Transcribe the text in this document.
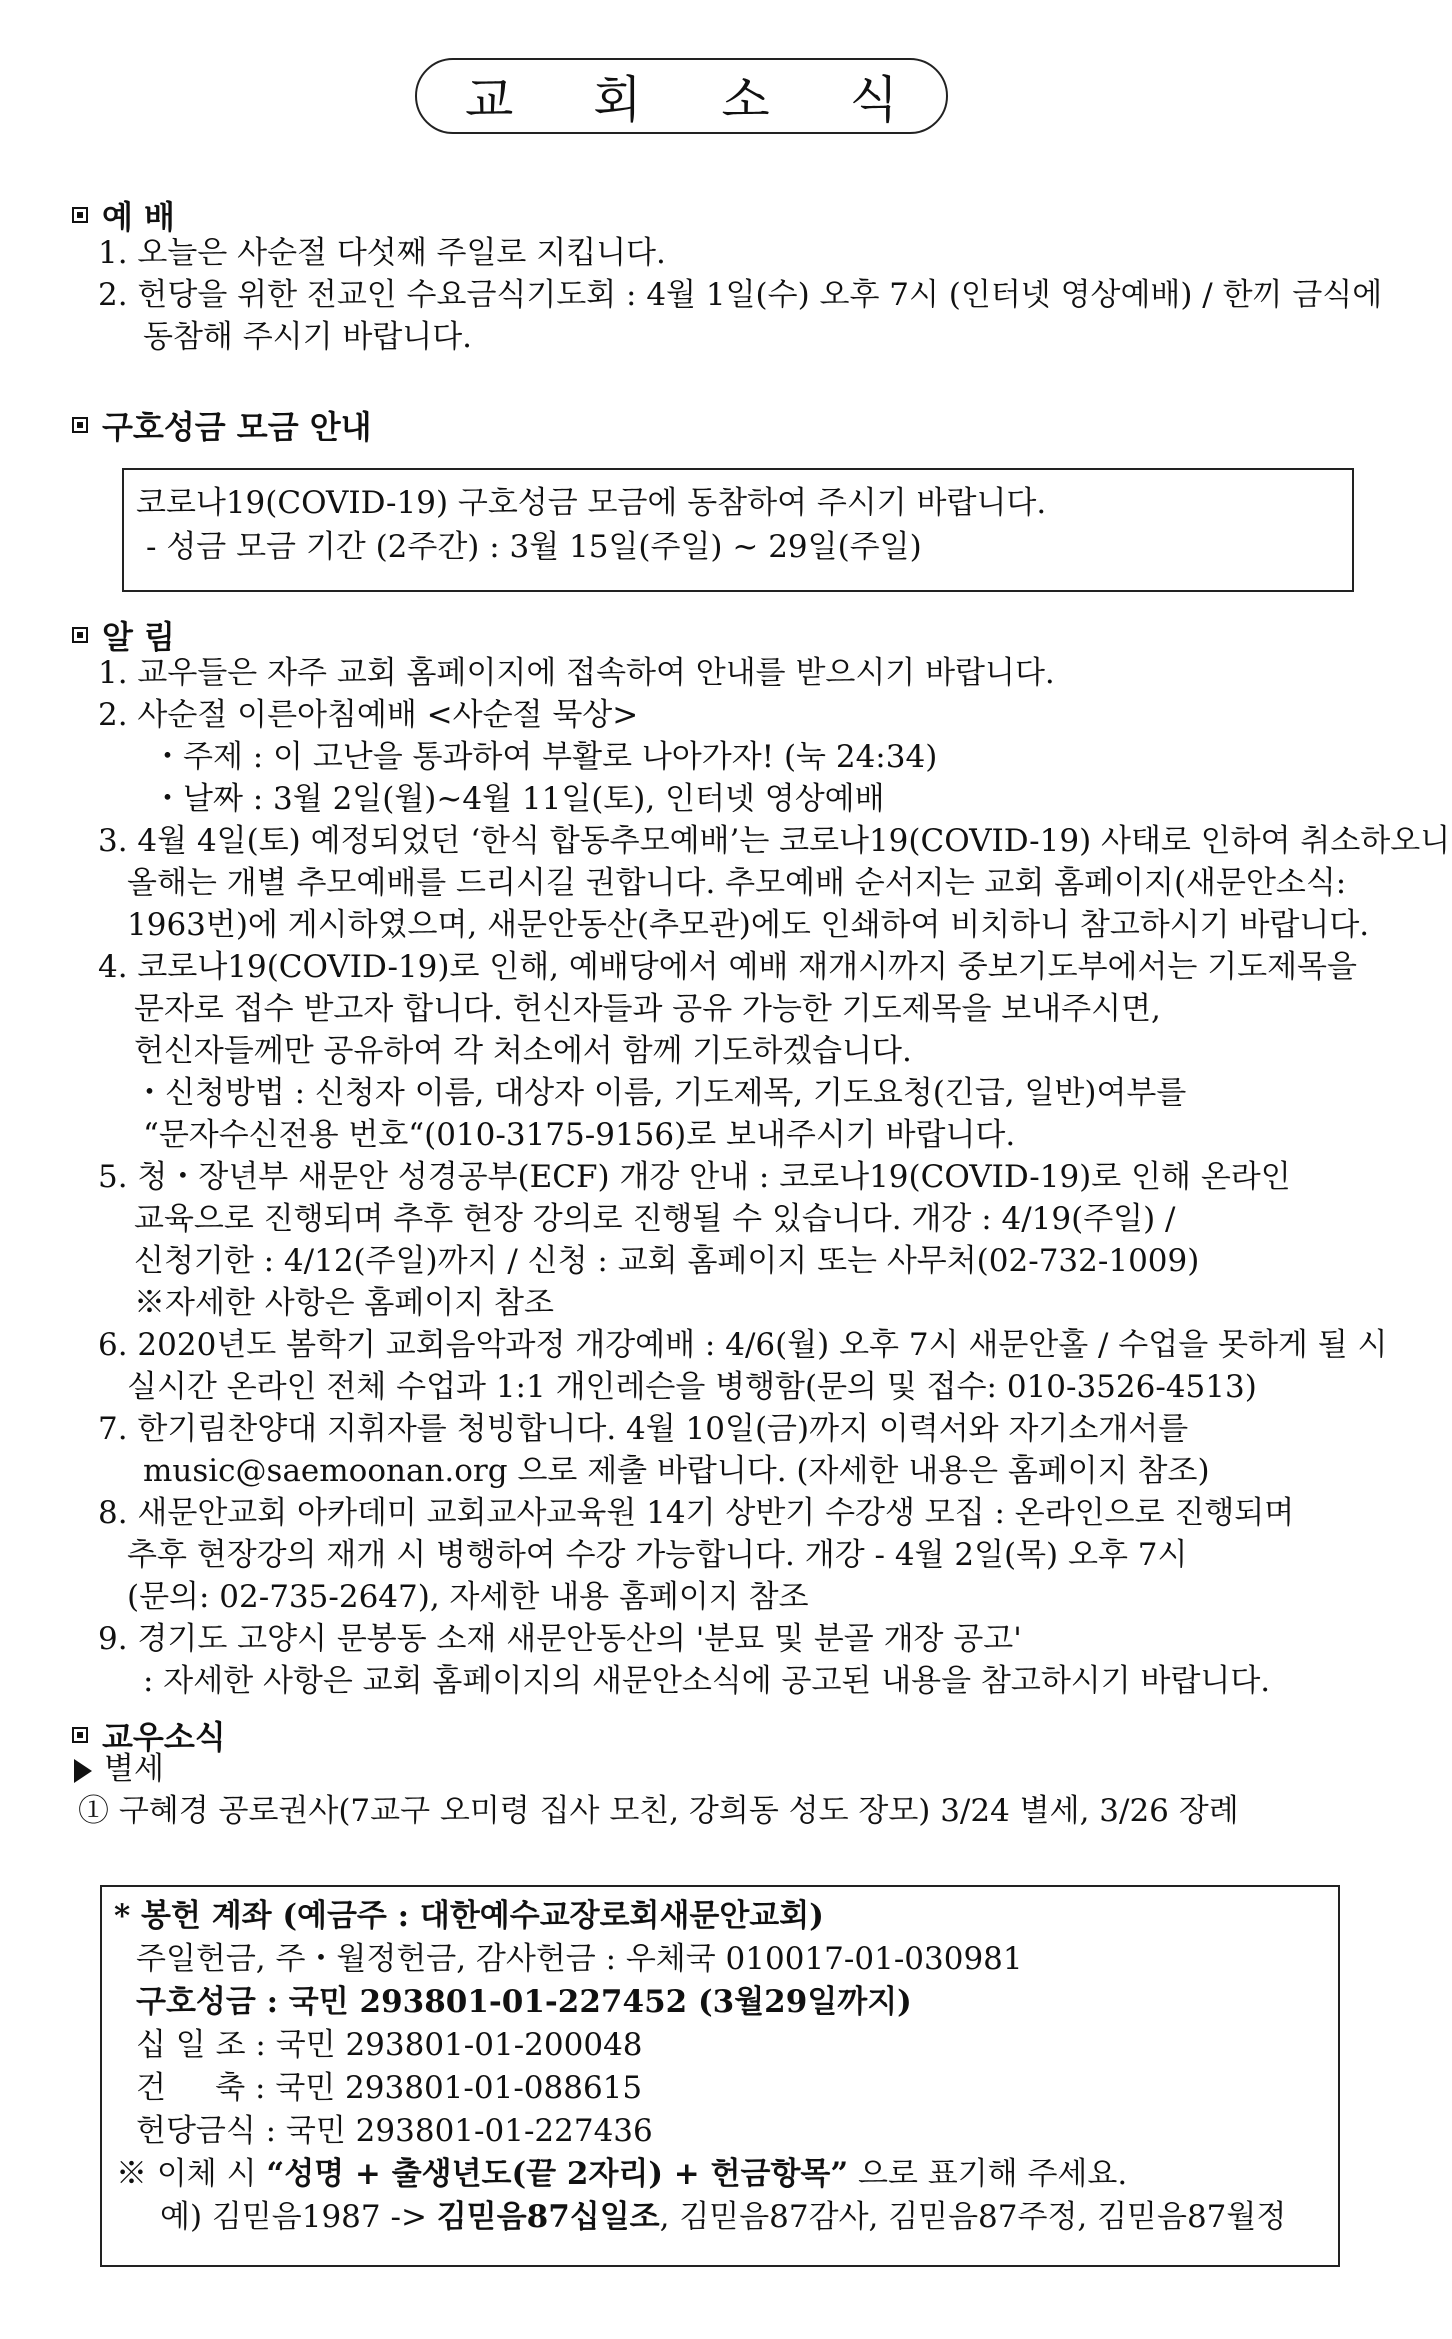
교 회 소 식
예 배
1. 오늘은 사순절 다섯째 주일로 지킵니다.
2. 헌당을 위한 전교인 수요금식기도회 : 4월 1일(수) 오후 7시 (인터넷 영상예배) / 한끼 금식에
동참해 주시기 바랍니다.
구호성금 모금 안내
코로나19(COVID-19) 구호성금 모금에 동참하여 주시기 바랍니다.
- 성금 모금 기간 (2주간) : 3월 15일(주일) ~ 29일(주일)
알 림
1. 교우들은 자주 교회 홈페이지에 접속하여 안내를 받으시기 바랍니다.
2. 사순절 이른아침예배 <사순절 묵상>
・주제 : 이 고난을 통과하여 부활로 나아가자! (눅 24:34)
・날짜 : 3월 2일(월)~4월 11일(토), 인터넷 영상예배
3. 4월 4일(토) 예정되었던 ‘한식 합동추모예배’는 코로나19(COVID-19) 사태로 인하여 취소하오니
올해는 개별 추모예배를 드리시길 권합니다. 추모예배 순서지는 교회 홈페이지(새문안소식:
1963번)에 게시하였으며, 새문안동산(추모관)에도 인쇄하여 비치하니 참고하시기 바랍니다.
4. 코로나19(COVID-19)로 인해, 예배당에서 예배 재개시까지 중보기도부에서는 기도제목을
문자로 접수 받고자 합니다. 헌신자들과 공유 가능한 기도제목을 보내주시면,
헌신자들께만 공유하여 각 처소에서 함께 기도하겠습니다.
・신청방법 : 신청자 이름, 대상자 이름, 기도제목, 기도요청(긴급, 일반)여부를
“문자수신전용 번호“(010-3175-9156)로 보내주시기 바랍니다.
5. 청・장년부 새문안 성경공부(ECF) 개강 안내 : 코로나19(COVID-19)로 인해 온라인
교육으로 진행되며 추후 현장 강의로 진행될 수 있습니다. 개강 : 4/19(주일) /
신청기한 : 4/12(주일)까지 / 신청 : 교회 홈페이지 또는 사무처(02-732-1009)
※자세한 사항은 홈페이지 참조
6. 2020년도 봄학기 교회음악과정 개강예배 : 4/6(월) 오후 7시 새문안홀 / 수업을 못하게 될 시
실시간 온라인 전체 수업과 1:1 개인레슨을 병행함(문의 및 접수: 010-3526-4513)
7. 한기림찬양대 지휘자를 청빙합니다. 4월 10일(금)까지 이력서와 자기소개서를
music@saemoonan.org 으로 제출 바랍니다. (자세한 내용은 홈페이지 참조)
8. 새문안교회 아카데미 교회교사교육원 14기 상반기 수강생 모집 : 온라인으로 진행되며
추후 현장강의 재개 시 병행하여 수강 가능합니다. 개강 - 4월 2일(목) 오후 7시
(문의: 02-735-2647), 자세한 내용 홈페이지 참조
9. 경기도 고양시 문봉동 소재 새문안동산의 '분묘 및 분골 개장 공고'
: 자세한 사항은 교회 홈페이지의 새문안소식에 공고된 내용을 참고하시기 바랍니다.
교우소식
별세
① 구혜경 공로권사(7교구 오미령 집사 모친, 강희동 성도 장모) 3/24 별세, 3/26 장례
* 봉헌 계좌 (예금주 : 대한예수교장로회새문안교회)
주일헌금, 주・월정헌금, 감사헌금 : 우체국 010017-01-030981
구호성금 : 국민 293801-01-227452 (3월29일까지)
십 일 조 : 국민 293801-01-200048
건     축 : 국민 293801-01-088615
헌당금식 : 국민 293801-01-227436
※ 이체 시 “성명 + 출생년도(끝 2자리) + 헌금항목” 으로 표기해 주세요.
예) 김믿음1987 -> 김믿음87십일조, 김믿음87감사, 김믿음87주정, 김믿음87월정
